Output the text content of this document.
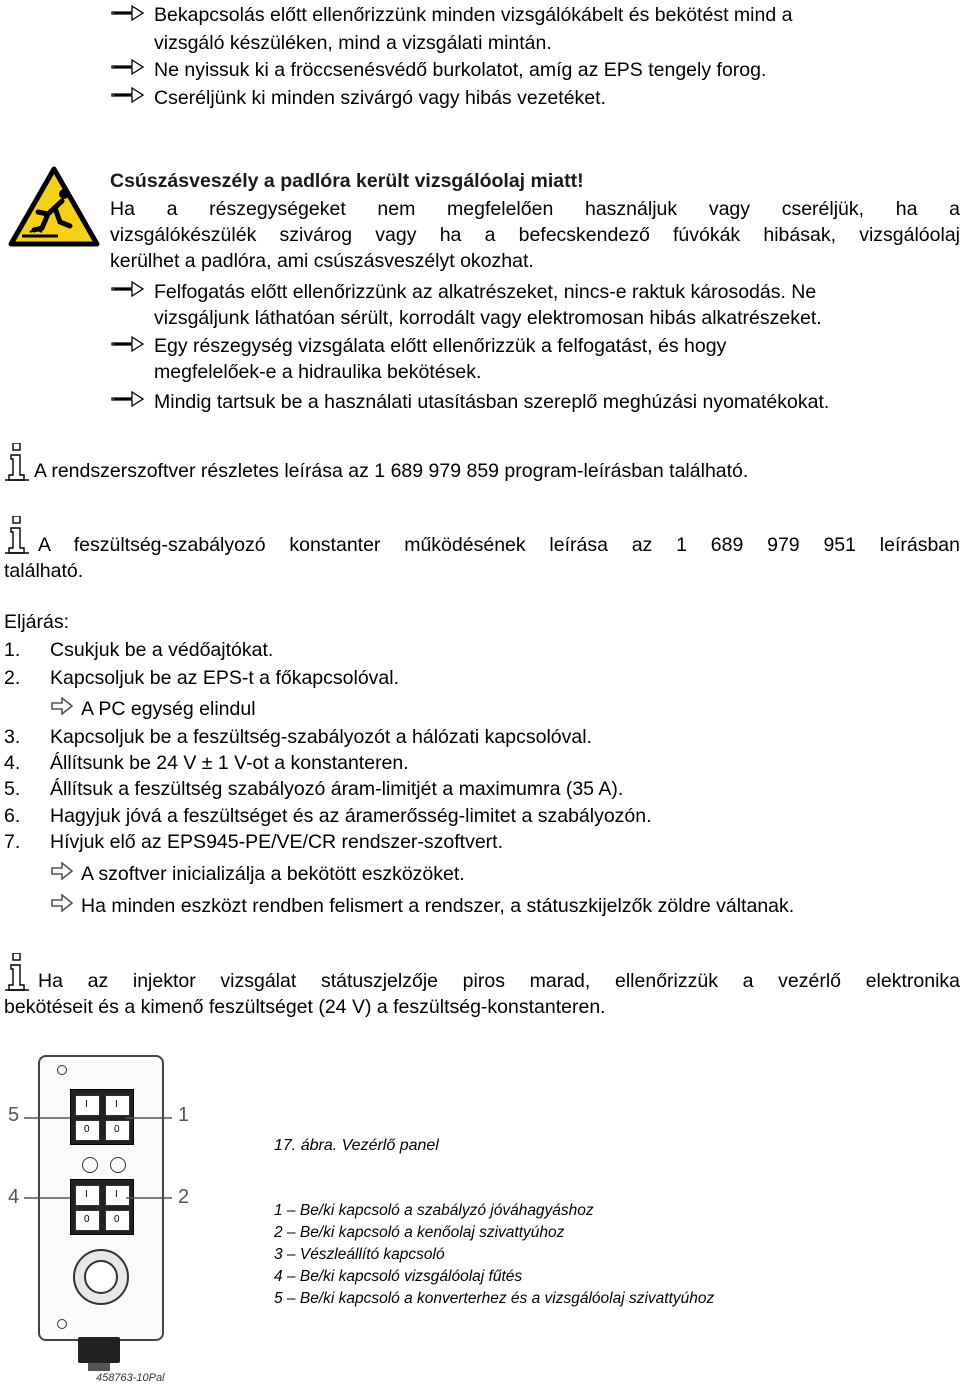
Bekapcsolás előtt ellenőrizzünk minden vizsgálókábelt és bekötést mind a
vizsgáló készüléken, mind a vizsgálati mintán.
Ne nyissuk ki a fröccsenésvédő burkolatot, amíg az EPS tengely forog.
Cseréljünk ki minden szivárgó vagy hibás vezetéket.
Csúszásveszély a padlóra került vizsgálóolaj miatt!
Ha a részegységeket nem megfelelően használjuk vagy cseréljük, ha a
vizsgálókészülék szivárog vagy ha a befecskendező fúvókák hibásak, vizsgálóolaj
kerülhet a padlóra, ami csúszásveszélyt okozhat.
Felfogatás előtt ellenőrizzünk az alkatrészeket, nincs-e raktuk károsodás. Ne
vizsgáljunk láthatóan sérült, korrodált vagy elektromosan hibás alkatrészeket.
Egy részegység vizsgálata előtt ellenőrizzük a felfogatást, és hogy
megfelelőek-e a hidraulika bekötések.
Mindig tartsuk be a használati utasításban szereplő meghúzási nyomatékokat.
A rendszerszoftver részletes leírása az 1 689 979 859 program-leírásban található.
A feszültség-szabályozó konstanter működésének leírása az 1 689 979 951 leírásban
található.
Eljárás:
1. Csukjuk be a védőajtókat.
2. Kapcsoljuk be az EPS-t a főkapcsolóval.
A PC egység elindul
3. Kapcsoljuk be a feszültség-szabályozót a hálózati kapcsolóval.
4. Állítsunk be 24 V ± 1 V-ot a konstanteren.
5. Állítsuk a feszültség szabályozó áram-limitjét a maximumra (35 A).
6. Hagyjuk jóvá a feszültséget és az áramerősség-limitet a szabályozón.
7. Hívjuk elő az EPS945-PE/VE/CR rendszer-szoftvert.
A szoftver inicializálja a bekötött eszközöket.
Ha minden eszközt rendben felismert a rendszer, a státuszkijelzők zöldre váltanak.
Ha az injektor vizsgálat státuszjelzője piros marad, ellenőrizzük a vezérlő elektronika
bekötéseit és a kimenő feszültséget (24 V) a feszültség-konstanteren.
I	I
0 0
I	I
0 0
5	1
4	2
458763-10Pal
17. ábra. Vezérlő panel
1 – Be/ki kapcsoló a szabályzó jóváhagyáshoz
2 – Be/ki kapcsoló a kenőolaj szivattyúhoz
3 – Vészleállító kapcsoló
4 – Be/ki kapcsoló vizsgálóolaj fűtés
5 – Be/ki kapcsoló a konverterhez és a vizsgálóolaj szivattyúhoz
